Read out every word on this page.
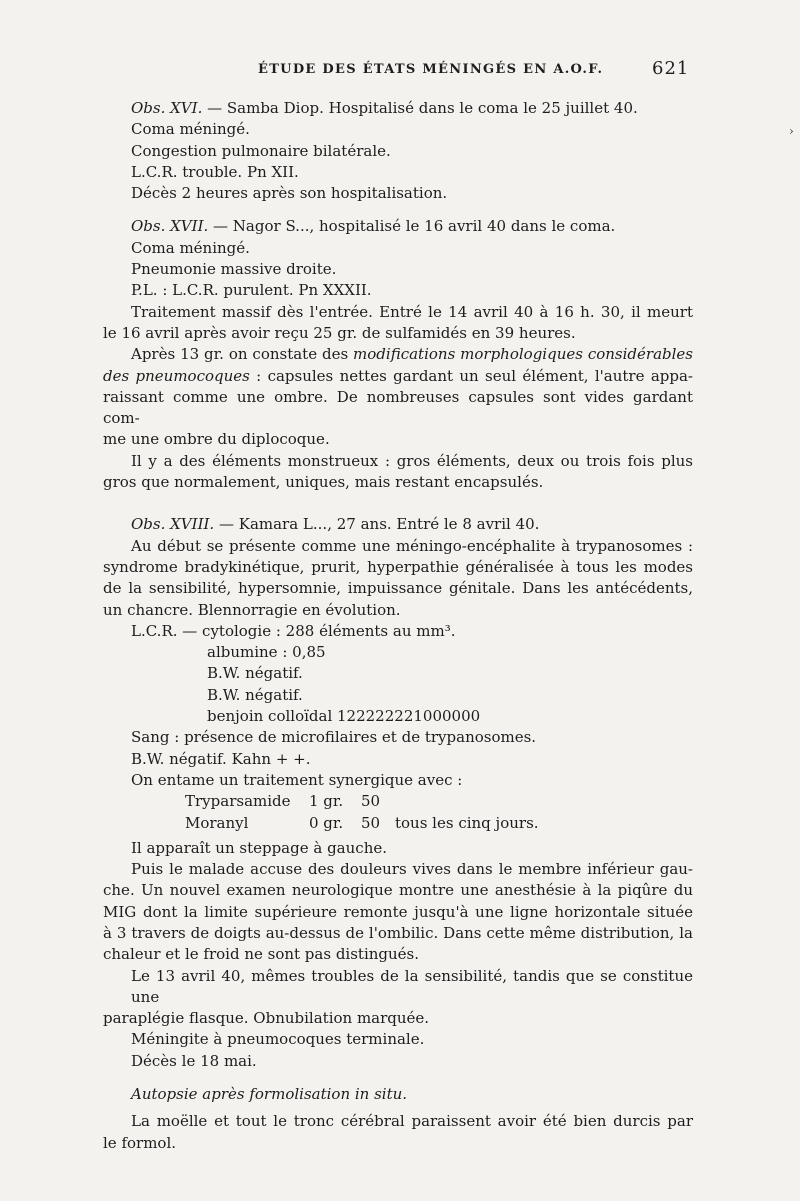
ÉTUDE DES ÉTATS MÉNINGÉS EN A.O.F.	621
›
Obs. XVI. — Samba Diop. Hospitalisé dans le coma le 25 juillet 40.
Coma méningé.
Congestion pulmonaire bilatérale.
L.C.R. trouble. Pn XII.
Décès 2 heures après son hospitalisation.
Obs. XVII. — Nagor S..., hospitalisé le 16 avril 40 dans le coma.
Coma méningé.
Pneumonie massive droite.
P.L. : L.C.R. purulent. Pn XXXII.
Traitement massif dès l'entrée. Entré le 14 avril 40 à 16 h. 30, il meurt
le 16 avril après avoir reçu 25 gr. de sulfamidés en 39 heures.
Après 13 gr. on constate des modifications morphologiques considérables
des pneumocoques : capsules nettes gardant un seul élément, l'autre appa-
raissant comme une ombre. De nombreuses capsules sont vides gardant com-
me une ombre du diplocoque.
Il y a des éléments monstrueux : gros éléments, deux ou trois fois plus
gros que normalement, uniques, mais restant encapsulés.
Obs. XVIII. — Kamara L..., 27 ans. Entré le 8 avril 40.
Au début se présente comme une méningo-encéphalite à trypanosomes :
syndrome bradykinétique, prurit, hyperpathie généralisée à tous les modes
de la sensibilité, hypersomnie, impuissance génitale. Dans les antécédents,
un chancre. Blennorragie en évolution.
L.C.R. — cytologie : 288 éléments au mm³.
albumine : 0,85
B.W. négatif.
B.W. négatif.
benjoin colloïdal 122222221000000
Sang : présence de microfilaires et de trypanosomes.
B.W. négatif. Kahn + +.
On entame un traitement synergique avec :
Tryparsamide 1 gr. 50
Moranyl	0 gr. 50 tous les cinq jours.
Il apparaît un steppage à gauche.
Puis le malade accuse des douleurs vives dans le membre inférieur gau-
che. Un nouvel examen neurologique montre une anesthésie à la piqûre du
MIG dont la limite supérieure remonte jusqu'à une ligne horizontale située
à 3 travers de doigts au-dessus de l'ombilic. Dans cette même distribution, la
chaleur et le froid ne sont pas distingués.
Le 13 avril 40, mêmes troubles de la sensibilité, tandis que se constitue une
paraplégie flasque. Obnubilation marquée.
Méningite à pneumocoques terminale.
Décès le 18 mai.
Autopsie après formolisation in situ.
La moëlle et tout le tronc cérébral paraissent avoir été bien durcis par
le formol.
